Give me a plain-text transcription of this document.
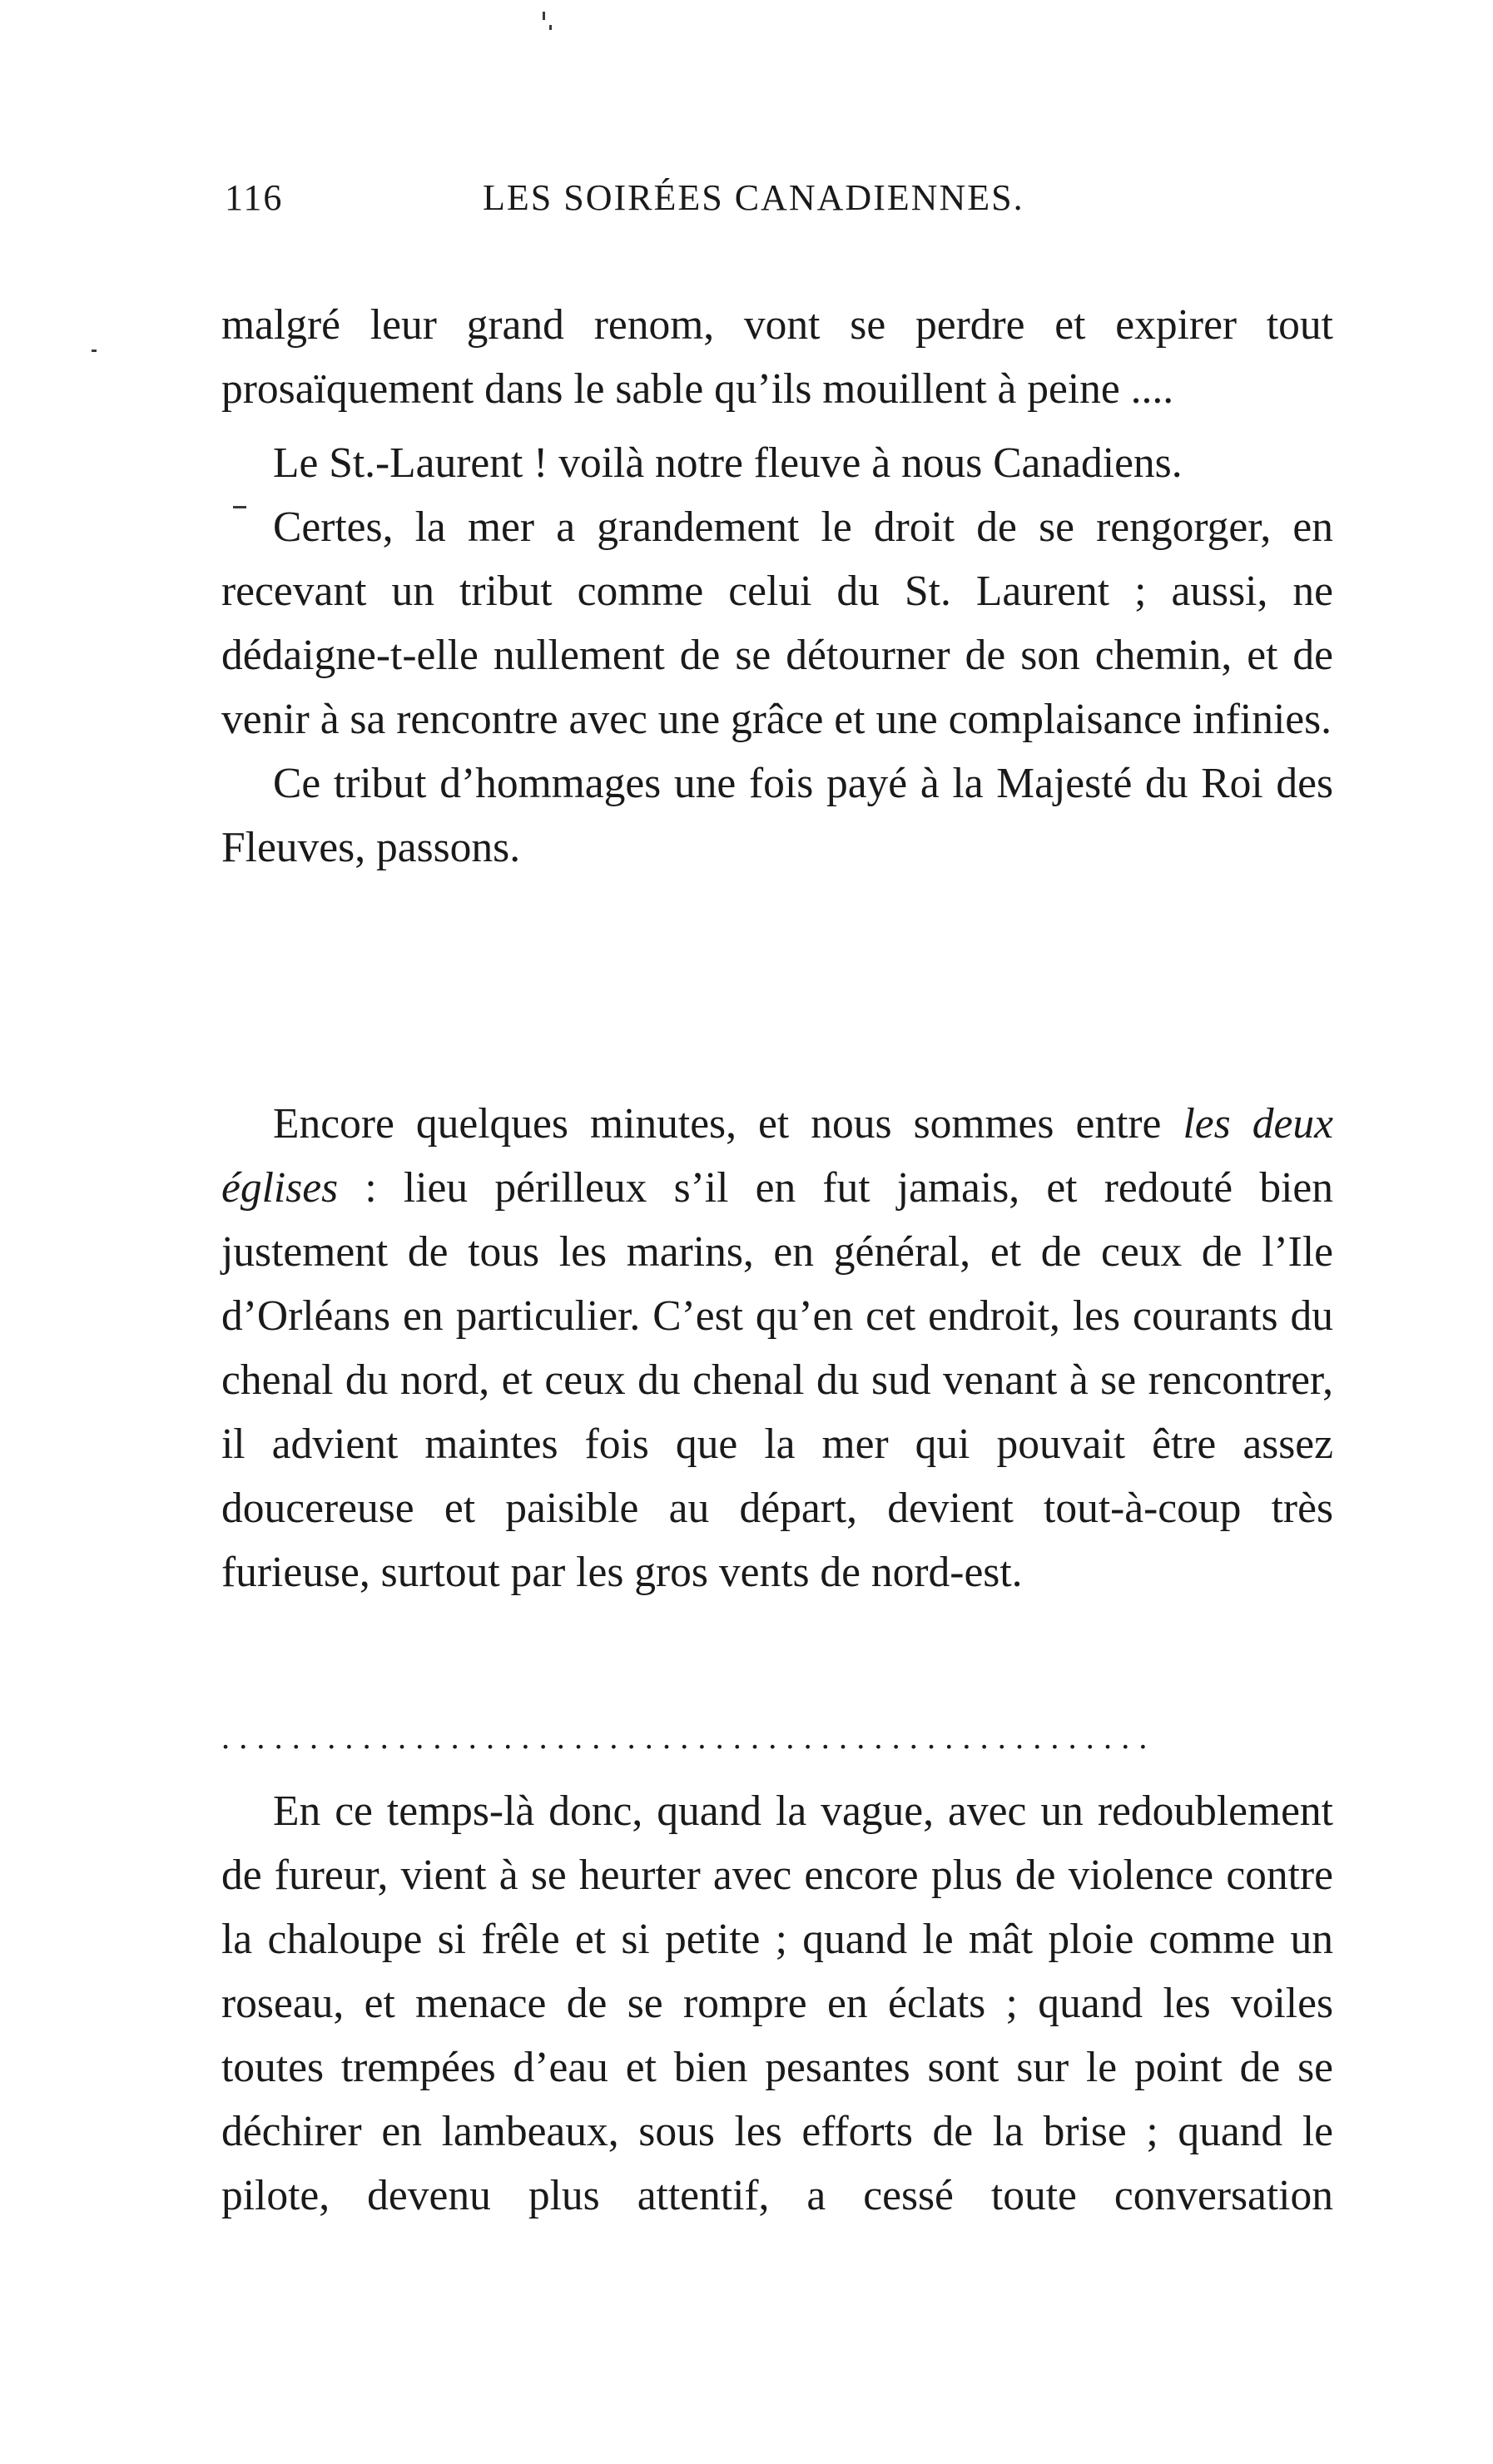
116	LES SOIRÉES CANADIENNES.

malgré leur grand renom, vont se perdre et expirer tout prosaïquement dans le sable qu’ils mouillent à peine ....

Le St.-Laurent ! voilà notre fleuve à nous Canadiens.

Certes, la mer a grandement le droit de se rengorger, en recevant un tribut comme celui du St. Laurent ; aussi, ne dédaigne-t-elle nullement de se détourner de son chemin, et de venir à sa rencontre avec une grâce et une complaisance infinies.

Ce tribut d’hommages une fois payé à la Majesté du Roi des Fleuves, passons.

Encore quelques minutes, et nous sommes entre les deux églises : lieu périlleux s’il en fut jamais, et redouté bien justement de tous les marins, en général, et de ceux de l’Ile d’Orléans en particulier. C’est qu’en cet endroit, les courants du chenal du nord, et ceux du chenal du sud venant à se rencontrer, il advient maintes fois que la mer qui pouvait être assez doucereuse et paisible au départ, devient tout-à-coup très furieuse, surtout par les gros vents de nord-est.

.....................................................

En ce temps-là donc, quand la vague, avec un redoublement de fureur, vient à se heurter avec encore plus de violence contre la chaloupe si frêle et si petite ; quand le mât ploie comme un roseau, et menace de se rompre en éclats ; quand les voiles toutes trempées d’eau et bien pesantes sont sur le point de se déchirer en lambeaux, sous les efforts de la brise ; quand le pilote, devenu plus attentif, a cessé toute conversation
